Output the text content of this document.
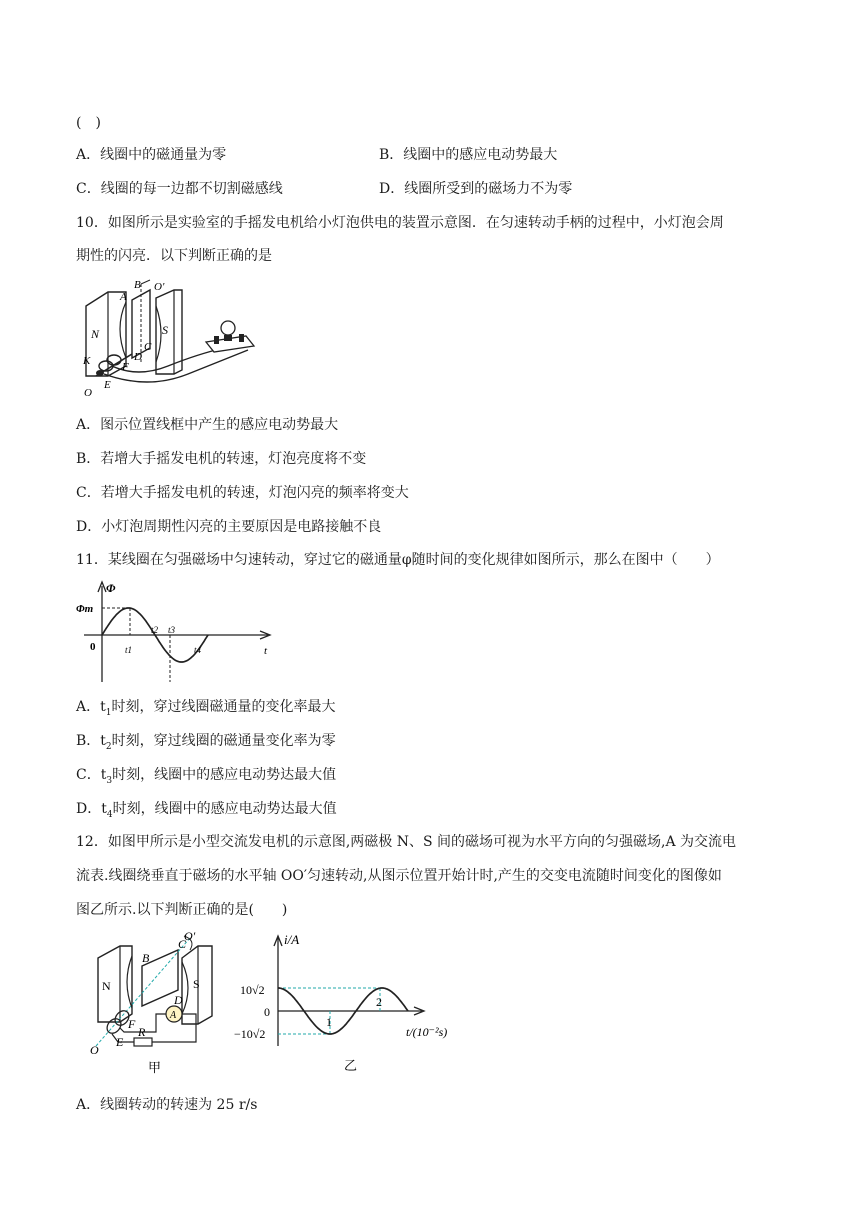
(　)
A．线圈中的磁通量为零	B．线圈中的感应电动势最大
C．线圈的每一边都不切割磁感线	D．线圈所受到的磁场力不为零
10．如图所示是实验室的手摇发电机给小灯泡供电的装置示意图．在匀速转动手柄的过程中，小灯泡会周
期性的闪亮．以下判断正确的是
N	S
A
B
C
D
O'
K	F
E
O
A．图示位置线框中产生的感应电动势最大
B．若增大手摇发电机的转速，灯泡亮度将不变
C．若增大手摇发电机的转速，灯泡闪亮的频率将变大
D．小灯泡周期性闪亮的主要原因是电路接触不良
11．某线圈在匀强磁场中匀速转动，穿过它的磁通量φ随时间的变化规律如图所示，那么在图中（　　）
Φ
Φm
0	t
t1
t2 t3
t4
A．$t_1$时刻，穿过线圈磁通量的变化率最大
B．$t_2$时刻，穿过线圈的磁通量变化率为零
C．$t_3$时刻，线圈中的感应电动势达最大值
D．$t_4$时刻，线圈中的感应电动势达最大值
12．如图甲所示是小型交流发电机的示意图,两磁极 N、S 间的磁场可视为水平方向的匀强磁场,A 为交流电
流表.线圈绕垂直于磁场的水平轴 OO′匀速转动,从图示位置开始计时,产生的交变电流随时间变化的图像如
图乙所示.以下判断正确的是(　　)
N	S
A
B
C
D
O′
O
E
F
R
甲
i/A
10√2
0
−10√2
1
2
t/(10⁻²s)
乙
A．线圈转动的转速为 25 r/s
